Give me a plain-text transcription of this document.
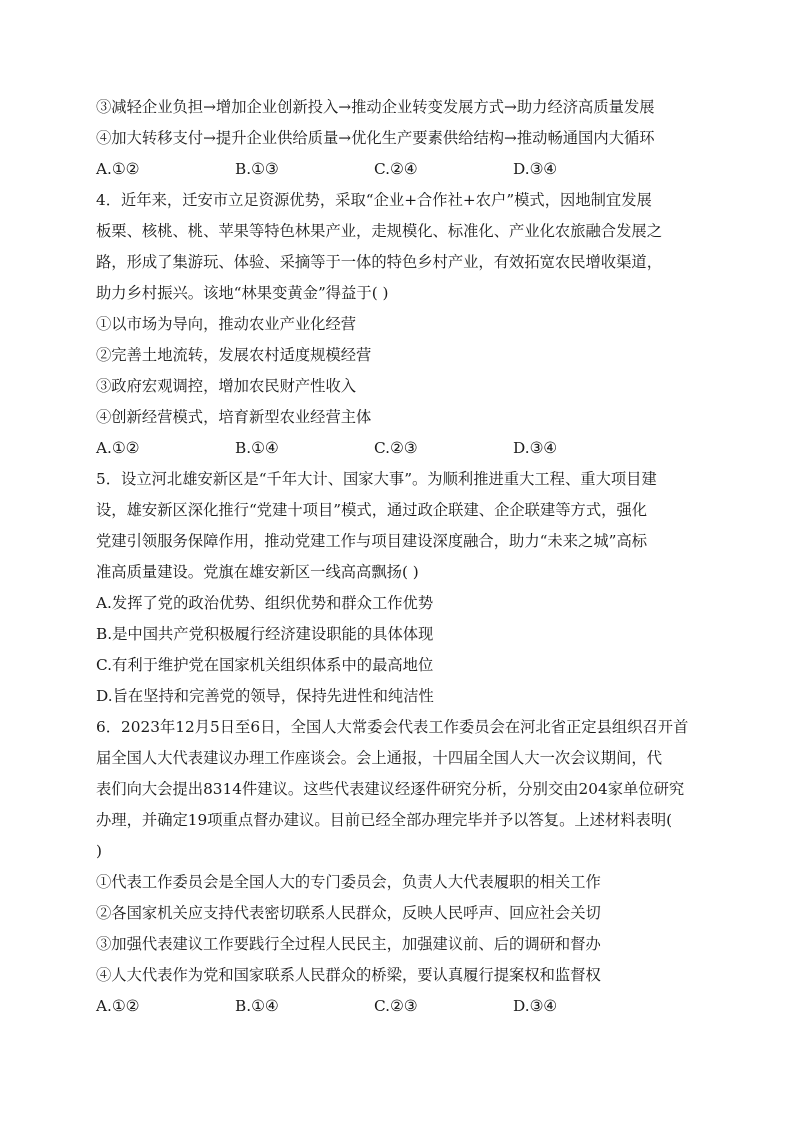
③减轻企业负担→增加企业创新投入→推动企业转变发展方式→助力经济高质量发展
④加大转移支付→提升企业供给质量→优化生产要素供给结构→推动畅通国内大循环
A.①②	B.①③	C.②④	D.③④
4．近年来，迁安市立足资源优势，采取“企业+合作社+农户”模式，因地制宜发展
板栗、核桃、桃、苹果等特色林果产业，走规模化、标准化、产业化农旅融合发展之
路，形成了集游玩、体验、采摘等于一体的特色乡村产业，有效拓宽农民增收渠道，
助力乡村振兴。该地“林果变黄金”得益于( )
①以市场为导向，推动农业产业化经营
②完善土地流转，发展农村适度规模经营
③政府宏观调控，增加农民财产性收入
④创新经营模式，培育新型农业经营主体
A.①②	B.①④	C.②③	D.③④
5．设立河北雄安新区是“千年大计、国家大事”。为顺利推进重大工程、重大项目建
设，雄安新区深化推行“党建十项目”模式，通过政企联建、企企联建等方式，强化
党建引领服务保障作用，推动党建工作与项目建设深度融合，助力“未来之城”高标
准高质量建设。党旗在雄安新区一线高高飘扬( )
A.发挥了党的政治优势、组织优势和群众工作优势
B.是中国共产党积极履行经济建设职能的具体体现
C.有利于维护党在国家机关组织体系中的最高地位
D.旨在坚持和完善党的领导，保持先进性和纯洁性
6．2023年12月5日至6日，全国人大常委会代表工作委员会在河北省正定县组织召开首
届全国人大代表建议办理工作座谈会。会上通报，十四届全国人大一次会议期间，代
表们向大会提出8314件建议。这些代表建议经逐件研究分析，分别交由204家单位研究
办理，并确定19项重点督办建议。目前已经全部办理完毕并予以答复。上述材料表明(
)
①代表工作委员会是全国人大的专门委员会，负责人大代表履职的相关工作
②各国家机关应支持代表密切联系人民群众，反映人民呼声、回应社会关切
③加强代表建议工作要践行全过程人民民主，加强建议前、后的调研和督办
④人大代表作为党和国家联系人民群众的桥梁，要认真履行提案权和监督权
A.①②	B.①④	C.②③	D.③④
